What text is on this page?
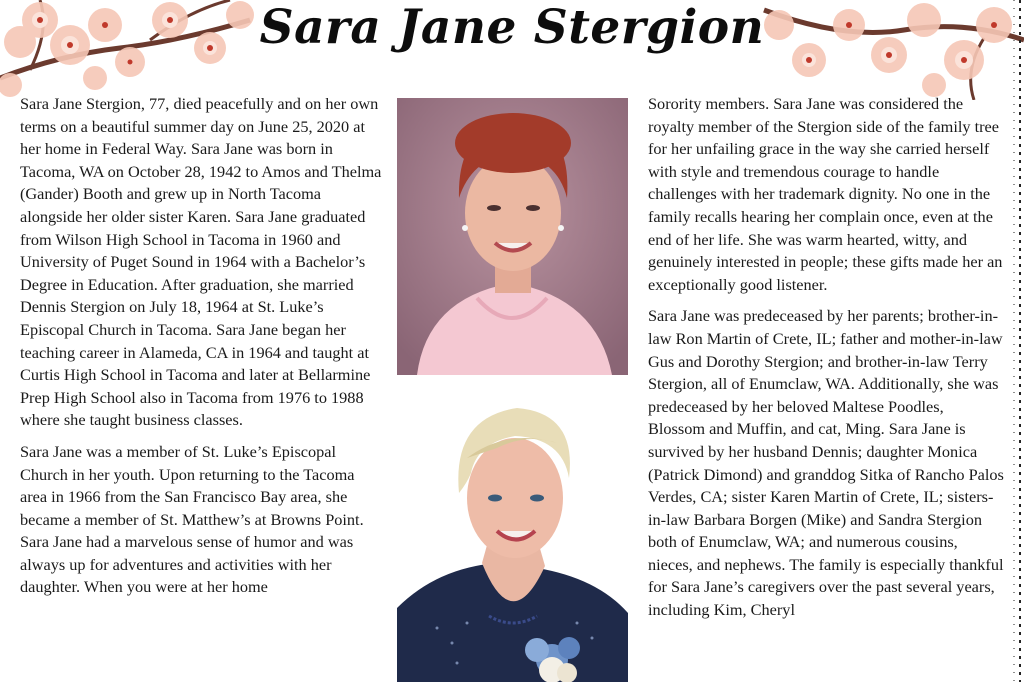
Sara Jane Stergion

Sara Jane Stergion, 77, died peacefully and on her own terms on a beautiful summer day on June 25, 2020 at her home in Federal Way. Sara Jane was born in Tacoma, WA on October 28, 1942 to Amos and Thelma (Gander) Booth and grew up in North Tacoma alongside her older sister Karen. Sara Jane graduated from Wilson High School in Tacoma in 1960 and University of Puget Sound in 1964 with a Bachelor’s Degree in Education. After graduation, she married Dennis Stergion on July 18, 1964 at St. Luke’s Episcopal Church in Tacoma. Sara Jane began her teaching career in Alameda, CA in 1964 and taught at Curtis High School in Tacoma and later at Bellarmine Prep High School also in Tacoma from 1976 to 1988 where she taught business classes.

Sara Jane was a member of St. Luke’s Episcopal Church in her youth. Upon returning to the Tacoma area in 1966 from the San Francisco Bay area, she became a member of St. Matthew’s at Browns Point. Sara Jane had a marvelous sense of humor and was always up for adventures and activities with her daughter. When you were at her home

Sorority members. Sara Jane was considered the royalty member of the Stergion side of the family tree for her unfailing grace in the way she carried herself with style and tremendous courage to handle challenges with her trademark dignity. No one in the family recalls hearing her complain once, even at the end of her life. She was warm hearted, witty, and genuinely interested in people; these gifts made her an exceptionally good listener.

Sara Jane was predeceased by her parents; brother-in-law Ron Martin of Crete, IL; father and mother-in-law Gus and Dorothy Stergion; and brother-in-law Terry Stergion, all of Enumclaw, WA. Additionally, she was predeceased by her beloved Maltese Poodles, Blossom and Muffin, and cat, Ming. Sara Jane is survived by her husband Dennis; daughter Monica (Patrick Dimond) and granddog Sitka of Rancho Palos Verdes, CA; sister Karen Martin of Crete, IL; sisters-in-law Barbara Borgen (Mike) and Sandra Stergion both of Enumclaw, WA; and numerous cousins, nieces, and nephews. The family is especially thankful for Sara Jane’s caregivers over the past several years, including Kim, Cheryl
